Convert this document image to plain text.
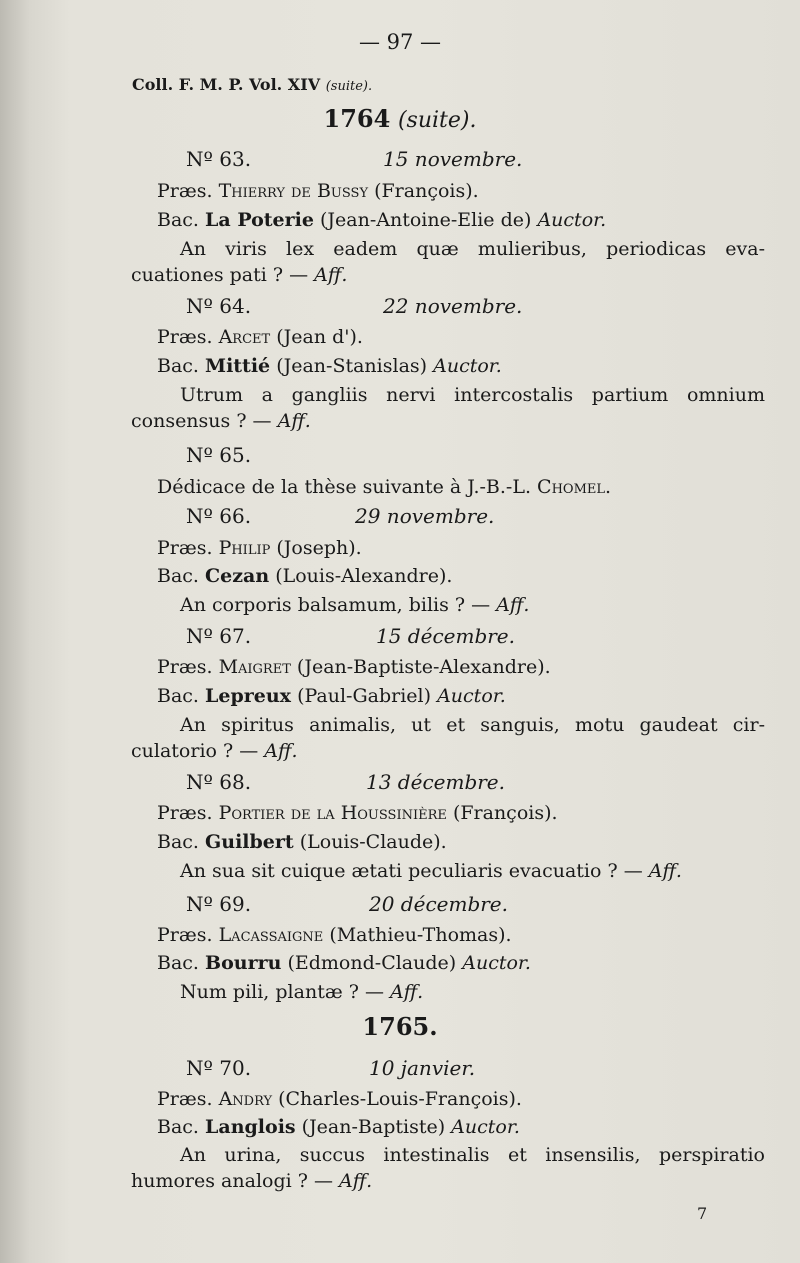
— 97 —
Coll. F. M. P. Vol. XIV (suite).
1764 (suite).
Nº 63.	15 novembre.
Præs. Thierry de Bussy (François).
Bac. La Poterie (Jean-Antoine-Elie de) Auctor.
An viris lex eadem quæ mulieribus, periodicas eva-
cuationes pati ? — Aff.
Nº 64.	22 novembre.
Præs. Arcet (Jean d').
Bac. Mittié (Jean-Stanislas) Auctor.
Utrum a gangliis nervi intercostalis partium omnium
consensus ? — Aff.
Nº 65.
Dédicace de la thèse suivante à J.-B.-L. Chomel.
Nº 66.	29 novembre.
Præs. Philip (Joseph).
Bac. Cezan (Louis-Alexandre).
An corporis balsamum, bilis ? — Aff.
Nº 67.	15 décembre.
Præs. Maigret (Jean-Baptiste-Alexandre).
Bac. Lepreux (Paul-Gabriel) Auctor.
An spiritus animalis, ut et sanguis, motu gaudeat cir-
culatorio ? — Aff.
Nº 68.	13 décembre.
Præs. Portier de la Houssinière (François).
Bac. Guilbert (Louis-Claude).
An sua sit cuique ætati peculiaris evacuatio ? — Aff.
Nº 69.	20 décembre.
Præs. Lacassaigne (Mathieu-Thomas).
Bac. Bourru (Edmond-Claude) Auctor.
Num pili, plantæ ? — Aff.
1765.
Nº 70.	10 janvier.
Præs. Andry (Charles-Louis-François).
Bac. Langlois (Jean-Baptiste) Auctor.
An urina, succus intestinalis et insensilis, perspiratio
humores analogi ? — Aff.
7
